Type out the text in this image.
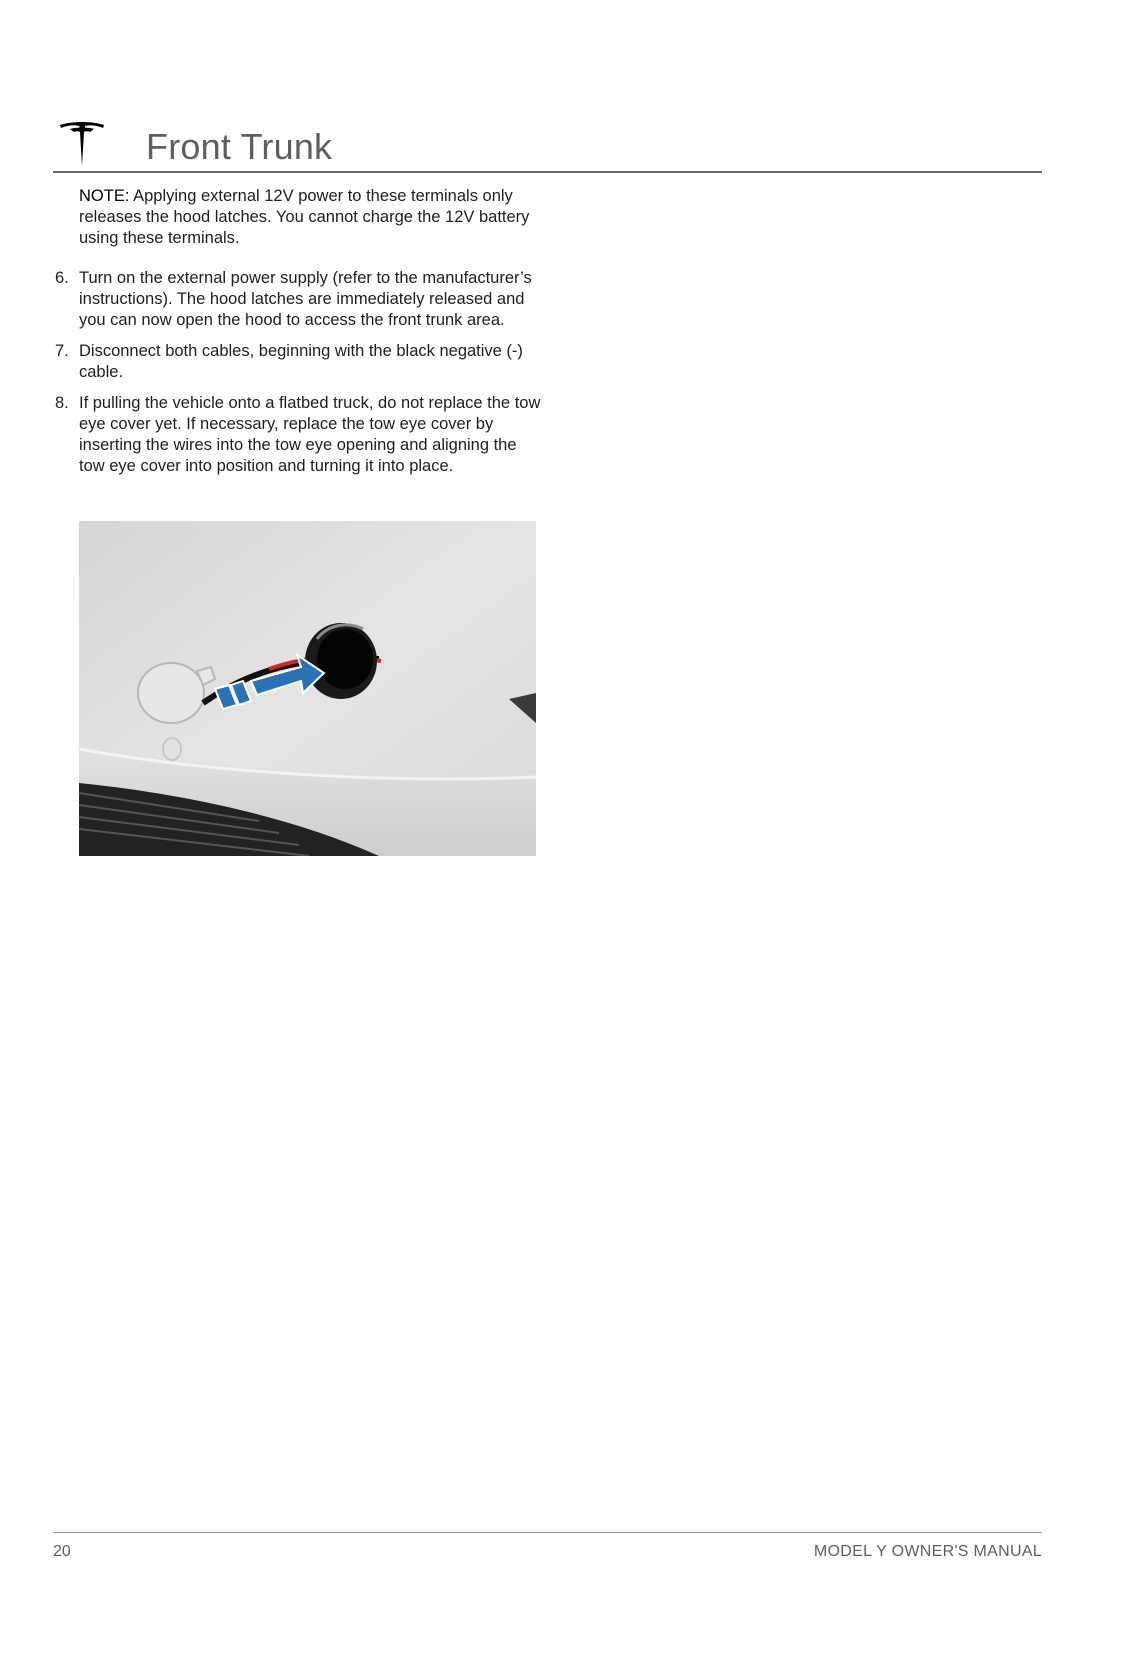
Front Trunk
NOTE: Applying external 12V power to these terminals only releases the hood latches. You cannot charge the 12V battery using these terminals.
6. Turn on the external power supply (refer to the manufacturer’s instructions). The hood latches are immediately released and you can now open the hood to access the front trunk area.
7. Disconnect both cables, beginning with the black negative (-) cable.
8. If pulling the vehicle onto a flatbed truck, do not replace the tow eye cover yet. If necessary, replace the tow eye cover by inserting the wires into the tow eye opening and aligning the tow eye cover into position and turning it into place.
20	MODEL Y OWNER'S MANUAL
